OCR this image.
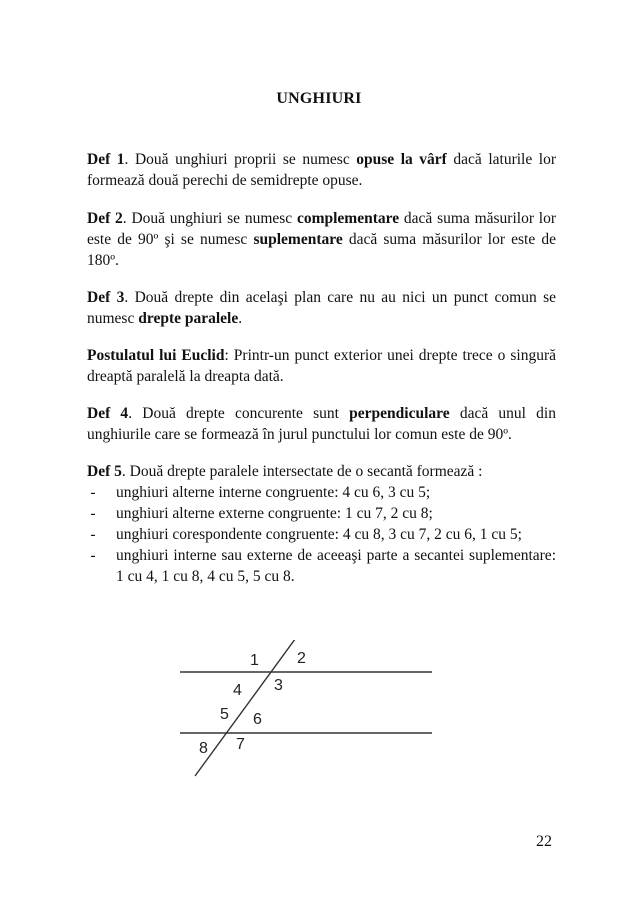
UNGHIURI
Def 1. Două unghiuri proprii se numesc opuse la vârf dacă laturile lor formează două perechi de semidrepte opuse.
Def 2. Două unghiuri se numesc complementare dacă suma măsurilor lor este de 90º şi se numesc suplementare dacă suma măsurilor lor este de 180º.
Def 3. Două drepte din acelaşi plan care nu au nici un punct comun se numesc drepte paralele.
Postulatul lui Euclid: Printr-un punct exterior unei drepte trece o singură dreaptă paralelă la dreapta dată.
Def 4. Două drepte concurente sunt perpendiculare dacă unul din unghiurile care se formează în jurul punctului lor comun este de 90º.
Def 5. Două drepte paralele intersectate de o secantă formează :
- unghiuri alterne interne congruente: 4 cu 6, 3 cu 5;
- unghiuri alterne externe congruente: 1 cu 7, 2 cu 8;
- unghiuri corespondente congruente: 4 cu 8, 3 cu 7, 2 cu 6, 1 cu 5;
- unghiuri interne sau externe de aceeaşi parte a secantei suplementare: 1 cu 4, 1 cu 8, 4 cu 5, 5 cu 8.
1 2
3
4
5 6
7
8
22
